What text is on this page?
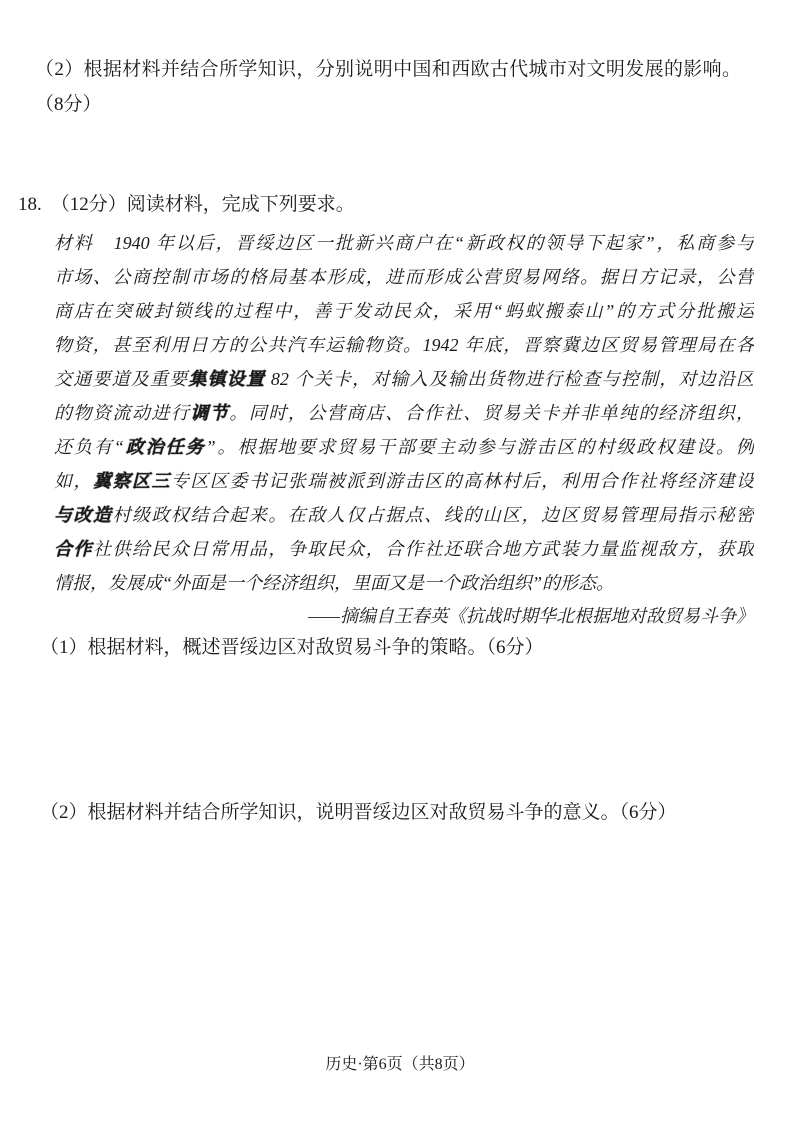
（2）根据材料并结合所学知识，分别说明中国和西欧古代城市对文明发展的影响。
（8分）
18. （12分）阅读材料，完成下列要求。
材料　1940 年以后，晋绥边区一批新兴商户在“新政权的领导下起家”，私商参与
市场、公商控制市场的格局基本形成，进而形成公营贸易网络。据日方记录，公营
商店在突破封锁线的过程中，善于发动民众，采用“蚂蚁搬泰山”的方式分批搬运
物资，甚至利用日方的公共汽车运输物资。1942 年底，晋察冀边区贸易管理局在各
交通要道及重要集镇设置 82 个关卡，对输入及输出货物进行检查与控制，对边沿区
的物资流动进行调节。同时，公营商店、合作社、贸易关卡并非单纯的经济组织，
还负有“政治任务”。根据地要求贸易干部要主动参与游击区的村级政权建设。例
如，冀察区三专区区委书记张瑞被派到游击区的高林村后，利用合作社将经济建设
与改造村级政权结合起来。在敌人仅占据点、线的山区，边区贸易管理局指示秘密
合作社供给民众日常用品，争取民众，合作社还联合地方武装力量监视敌方，获取
情报，发展成“外面是一个经济组织，里面又是一个政治组织”的形态。
——摘编自王春英《抗战时期华北根据地对敌贸易斗争》
（1）根据材料，概述晋绥边区对敌贸易斗争的策略。（6分）
（2）根据材料并结合所学知识，说明晋绥边区对敌贸易斗争的意义。（6分）
历史·第6页（共8页）
